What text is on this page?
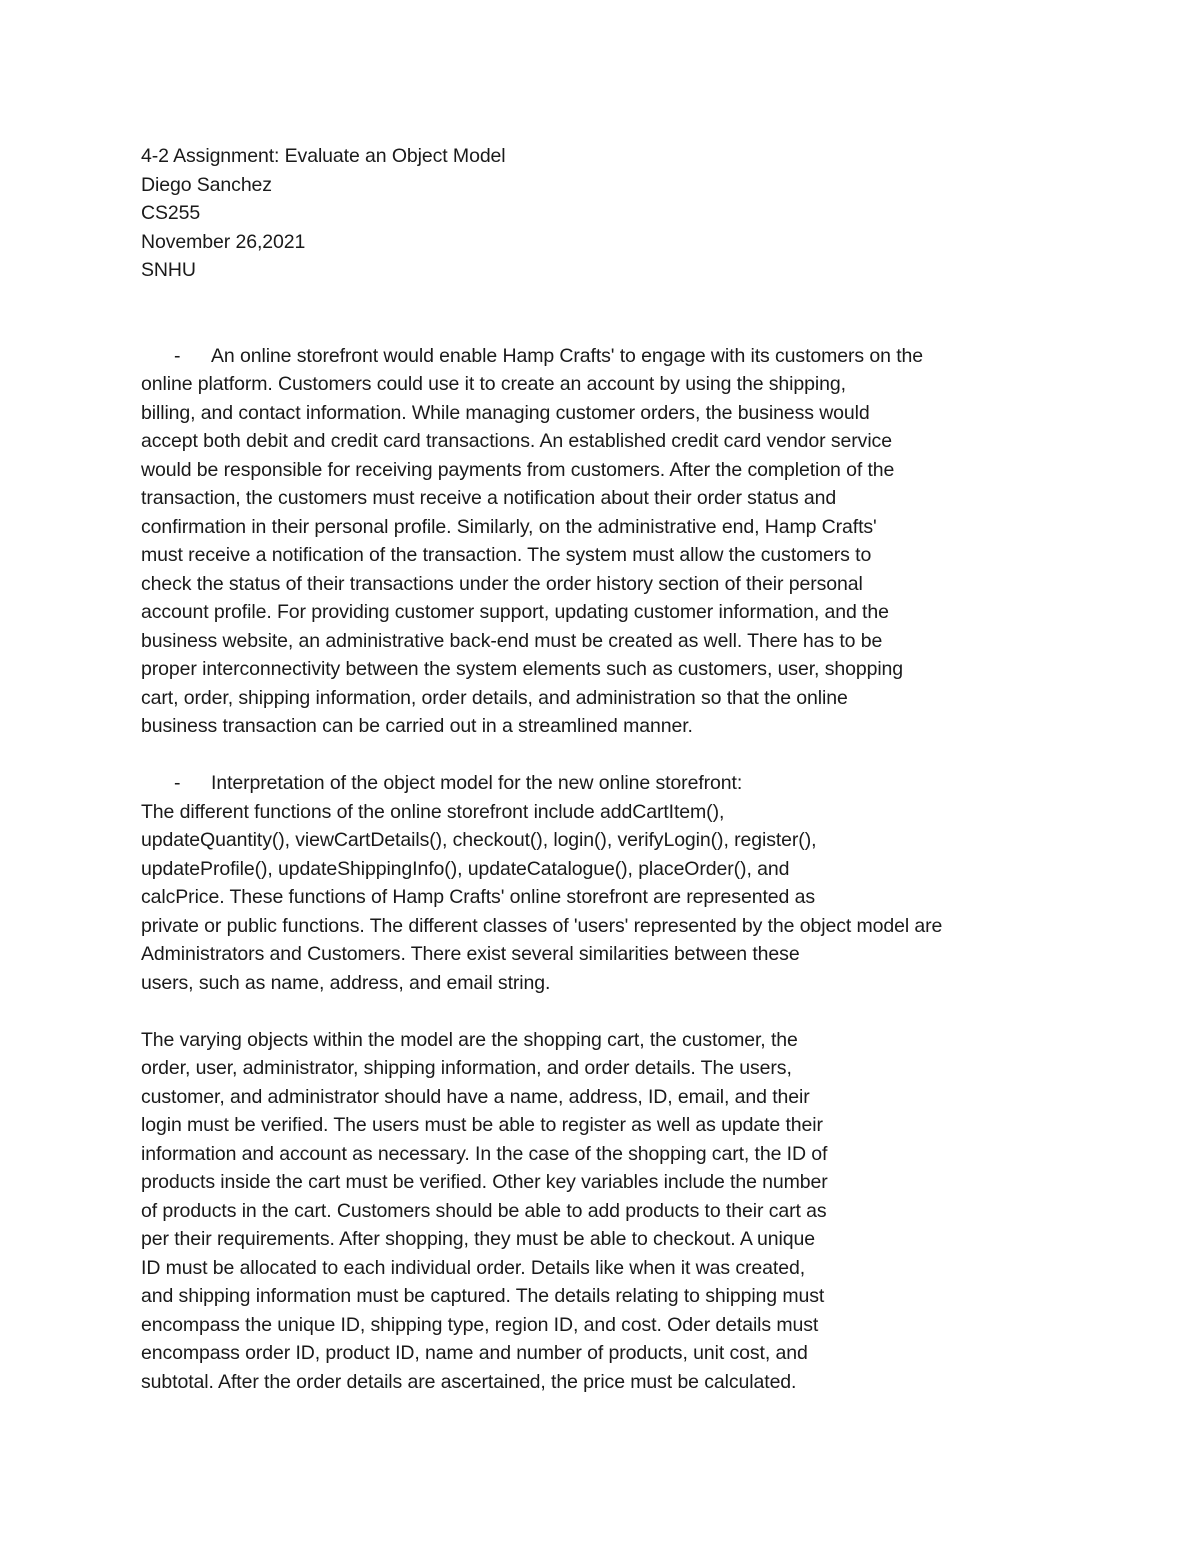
4-2 Assignment: Evaluate an Object Model
Diego Sanchez
CS255
November 26,2021
SNHU
- An online storefront would enable Hamp Crafts' to engage with its customers on the
online platform. Customers could use it to create an account by using the shipping,
billing, and contact information. While managing customer orders, the business would
accept both debit and credit card transactions. An established credit card vendor service
would be responsible for receiving payments from customers. After the completion of the
transaction, the customers must receive a notification about their order status and
confirmation in their personal profile. Similarly, on the administrative end, Hamp Crafts'
must receive a notification of the transaction. The system must allow the customers to
check the status of their transactions under the order history section of their personal
account profile. For providing customer support, updating customer information, and the
business website, an administrative back-end must be created as well. There has to be
proper interconnectivity between the system elements such as customers, user, shopping
cart, order, shipping information, order details, and administration so that the online
business transaction can be carried out in a streamlined manner.
- Interpretation of the object model for the new online storefront:
The different functions of the online storefront include addCartItem(),
updateQuantity(), viewCartDetails(), checkout(), login(), verifyLogin(), register(),
updateProfile(), updateShippingInfo(), updateCatalogue(), placeOrder(), and
calcPrice. These functions of Hamp Crafts' online storefront are represented as
private or public functions. The different classes of 'users' represented by the object model are
Administrators and Customers. There exist several similarities between these
users, such as name, address, and email string.
The varying objects within the model are the shopping cart, the customer, the
order, user, administrator, shipping information, and order details. The users,
customer, and administrator should have a name, address, ID, email, and their
login must be verified. The users must be able to register as well as update their
information and account as necessary. In the case of the shopping cart, the ID of
products inside the cart must be verified. Other key variables include the number
of products in the cart. Customers should be able to add products to their cart as
per their requirements. After shopping, they must be able to checkout. A unique
ID must be allocated to each individual order. Details like when it was created,
and shipping information must be captured. The details relating to shipping must
encompass the unique ID, shipping type, region ID, and cost. Oder details must
encompass order ID, product ID, name and number of products, unit cost, and
subtotal. After the order details are ascertained, the price must be calculated.
